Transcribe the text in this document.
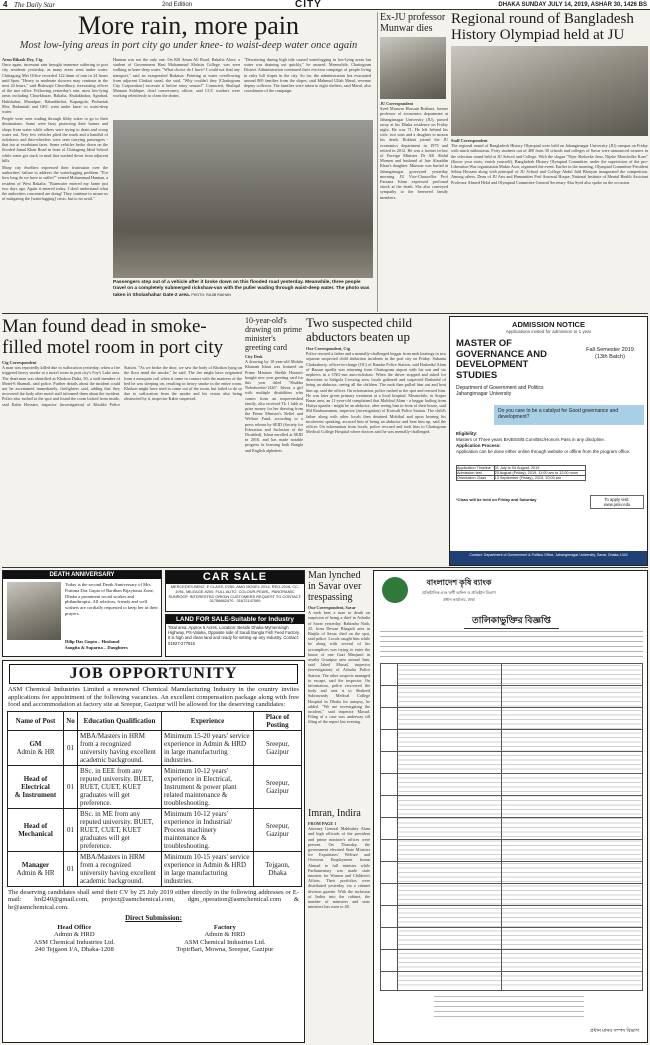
4 The Daily Star	2nd Edition	CITY	DHAKA SUNDAY JULY 14, 2019, ASHAR 30, 1426 BS
More rain, more pain
Most low-lying areas in port city go under knee- to waist-deep water once again
Arun Bikash Dey, Ctg
Once again, incessant rain brought immense suffering to port city residents yesterday, as many areas went under water. Chittagong Met Office recorded 122.4mm of rain in 24 hours until 6pm. "Heavy to moderate showers may continue in the next 24 hours," said Bishwajit Chowdhury, forecasting officer of the met office. Following yesterday's rain, most low-lying areas including Chawkbazar, Bakalia, Shulakbahar, Agrabad, Halishahar, Muradpur, Bahaddarhat, Kapasgola, Probartak Mor, Badamtali and GEC went under knee- to waist-deep water.
People were seen wading through filthy water to go to their destinations. Some were busy protecting their homes and shops from water while others were trying to drain and scoop water out. Very few vehicles plied the roads and a handful of rickshaws and thin-wheelers were seen carrying passengers - that too at exorbitant fares. Some vehicles broke down on the flooded Jamal Khan Road in front of Chittagong Ideal School while some got stuck in mud that washed down from adjacent hills.
Many city dwellers expressed their frustration over the authorities' failure to address the waterlogging problem. "For how long do we have to suffer?" vented Mohammad Hannan, a resident of West Bakalia. "Rainwater entered my home just two days ago. Again it entered today. I don't understand what the authorities concerned are doing! They continue to assure us of mitigating the [waterlogging] crisis, but to no avail."
Hannan was not the only one. On KB Aman Ali Road, Bakalia Alore, a student of Government Hazi Mohammad Mohsin College, was seen walking in knee-deep water. "What choice do I have? I could not find any transport," said an exasperated Rukania. Pointing at water overflowing from adjacent Chaktai canal, she said, "Why couldn't they [Chattogram City Corporation] excavate it before rainy season?" Contacted, Shafiqul Mannan Siddique, chief conservancy officer, said CCC workers were working relentlessly to clean the drains.
"Dewatering during high tide caused waterlogging in low-lying areas but water was draining out quickly," he assured. Meanwhile, Chattogram District Administration continued their eviction campaign of people living in risky hill slopes in the city. So far, the administration has evacuated around 800 families from the slopes, said Mahmud Ullah Marul, revenue deputy collector. The families were taken to eight shelters, said Marul, also coordinator of the campaign.
Passengers step out of a vehicle after it broke down on this flooded road yesterday. Meanwhile, three people travel on a completely submerged rickshaw-van with the puller wading through waist-deep water. The photo was taken in Sholashahar Gate-2 area. PHOTO: RAJIB RAIHAN
Ex-JU professor Munwar dies
JU Correspondent
Syed Munwar Hossain Bokhari, former professor of economics department at Jahangirnagar University (JU), passed away at his Dhaka residence on Friday night. He was 71. He left behind his wife, two sons and a daughter to mourn his death. Bokhari joined the JU economics department in 1975 and retired in 2012. He was a former in-law of Foreign Minister Dr AK Abdul Momen and husband of late Alauddin Khan's daughter. Munwar was buried at Jahangirnagar graveyard yesterday morning. JU Vice-Chancellor Prof Farzana Islam expressed profound shock at the death. She also conveyed sympathy to the bereaved family members.
Regional round of Bangladesh History Olympiad held at JU
Staff Correspondent
The regional round of Bangladesh History Olympiad were held on Jahangirnagar University (JU) campus on Friday with much enthusiasm. Forty students out of 400 from 30 schools and colleges of Savar were announced winners in the selection round held at JU School and College. With the slogan "Nijer Shekorke Jano, Nijeke Moncholke Koro" (Know your roots, enrich yourself), Bangladesh History Olympiad Committee, under the supervision of the pro-Liberation War organisation Mukto Asor, organised the event. Earlier in the morning, Olympiad Committee President Selina Hossain along with principal of JU School and College Abdul Jalil Bhuiyan inaugurated the competition. Among others, Dean of JU Arts and Humanities Prof Anwarul Hoque, National Institute of Mental Health Assistant Professor Ahmed Helal and Olympiad Committee General Secretary Abu Syed also spoke on the occasion.
Man found dead in smoke-filled motel room in port city
Ctg Correspondent
A man was reportedly killed due to suffocation yesterday, when a fire triggered heavy smoke at a motel room in port city's Foy's Lake area. The dead man was identified as Khokon Dulia, 50, a staff member of Motel-6 Shamali, said police. Further details about the incident could not be ascertained immediately, firefighters said, adding that they recovered the body after motel staff informed them about the incident. Police also rushed to the spot and found the room locked from inside, said Kabir Hossain, inspector (investigation) of Khulshi Police Station. "As we broke the door, we saw the body of Khokon lying on the floor amid the smoke," he said. The fire might have originated from a mosquito coil when it came in contact with the mattress of the bed he was sleeping on, resulting in heavy smoke in the entire room. Khokon might have tried to come out of the room, but failed to do so due to suffocation from the smoke and his vision also being obstructed by it, inspector Kabir suspected.
10-year-old's drawing on prime minister's greeting card
City Desk
A drawing by 10-year-old Mohita Khanam Ishrat was featured on Prime Minister Sheikh Hasina's bought new year greeting card for this year titled "Shubho Noboborsho-1426". Ishrat, a girl with multiple disabilities who comes from an impoverished family, also received Tk 1 lakh as prize money for her drawing from the Prime Minister's Relief and Welfare Fund, according to a press release by SEID (Society for Education and Inclusion of the Disabled). Ishrat enrolled at SEID in 2016, and has made notable progress in learning both Bangla and English alphabets.
Two suspected child abductors beaten up
Our Correspondent, Ctg
Police rescued a father and a mentally-challenged beggar from mob beatings in two separate suspected child abduction incidents in the port city on Friday. Sukanta Chakraborty, officer-in-charge (OC) of Bandar Police Station, said Rashedul Alam of Bazaar upzilla was returning from Chattogram airport with his son and six nephews in a CNG-run auto-rickshaw. When the driver stopped and asked for directions in Saltgola Crossing area, locals gathered and suspected Rashedul of being an abductor, seeing all the children. The mob then pulled him out and beat him up, said the officer. On information, police rushed to the spot and rescued him. He was later given primary treatment at a local hospital. Meanwhile, in Sraper Bazar area, an 11-year-old complained that Mohibul Alam - a beggar hailing from Hatiya upazila - might be an abductor, after seeing him in front of their house, said Md Rouhuzzaman, inspector (investigation) of Kotwali Police Station. The child's father along with other locals then detained Mohibul and upon hearing his incoherent speaking, accused him of being an abductor and beat him up, said the officer. On information from locals, police rescued and took him to Chattogram Medical College Hospital where doctors said he was mentally-challenged.
ADMISSION NOTICE
Applications invited for admission to 1 year
MASTER OF
GOVERNANCE AND
DEVELOPMENT
STUDIES
Fall Semester 2019
(13th Batch)
Department of Government and Politics
Jahangirnagar University
Do you care to be a catalyst for Good governance and development?
Eligibility:
Masters or Three years BA/BSS/B.Com/Bsc/Honors Pass in any discipline.
Application Process:
Application can be done either online through website or offline from the program office.
Application Timeline	01 July to 04 August, 2019
Admission test	23 August (Friday), 2019, 11:00 am to 12:00 noon
Orientation Class	13 September (Friday), 2019, 10:00 am
*Class will be held on Friday and Saturday	To apply visit:
www.juniv.edu
Contact: Department of Government & Politics Office, Jahangirnagar University, Savar, Dhaka-1342
DEATH ANNIVERSARY
Today is the second Death Anniversary of Mrs. Pratima Das Gupta of Bardhan Bijaybasta Zone, Dhaka a prominent social worker and philanthropist. All relatives, friends and well wishers are cordially requested to keep her in their prayers.
Dilip Das Gupta – Husband
Sangita & Suparna – Daughters
CAR SALE
MERCEDES-BENZ, E CLASS, E250, AMG MODEL 2014, REG-2016, CC-1991, MILEAGE-9200, FULL AUTO, COLOUR-PEARL, PANORAMIC SUNROOF. INTERESTED ORIGIN CUSTOMERS REQUEST TO CONTACT: 01756682470 , 01672147069
LAND FOR SALE-Suitable for Industry
Total area: Approx 5 Acres, Location: Beside Dhaka-Mymensingh Highway, PS-Valuka, Opposite side of Saudi Bangla Fish Feed Factory. It is high and clean land and ready for setting-up any Industry. Contact: 01927-277815
Man lynched in Savar over trespassing
Our Correspondent, Savar
A mob beat a man to death on suspicion of being a thief in Ashulia of Savar yesterday. Babindra Nath, 25, from Dewan Bhagadi area in Binjila of Savar, died on the spot, said police. Locals caught him while he along with several of his accomplices was trying to enter the house of one Gazi Manjurul in nearby Gouripur area around 3am, said Jahed Masud, inspector (investigation) of Ashulia Police Station. The other suspects managed to escape, said the inspector. On information, police recovered the body and sent it to Shaheed Suhrawardy Medical College Hospital in Dhaka for autopsy, he added. "We are investigating the incident," said inspector Masud. Filing of a case was underway till filing of the report last evening.
Imran, Indira
FROM PAGE 1
Attorney General Mahbubey Alam and high officials of the president and prime minister's offices were present. On Thursday, the government elevated State Minister for Expatriates' Welfare and Overseas Employment Imran Ahmad to full minister while Parliamentary was made state minister for Women and Children's Affairs. Their portfolios were distributed yesterday via a cabinet division gazette. With the inclusion of Indira into the cabinet, the number of ministers and state ministers has risen to 48.
JOB OPPORTUNITY
ASM Chemical Industries Limited a renowned Chemical Manufacturing Industry in the country invites applications for appointment of the following vacancies. An excellent compensation package along with free food and accommodation at factory site at Sreepur, Gazipur will be allowed for the deserving candidates:
Name of Post	No	Education Qualification	Experience	Place of Posting

GM
Admin & HR	01	MBA/Masters in HRM from a recognized university having excellent academic background.	Minimum 15-20 years' service experience in Admin & HRD in large manufacturing industries.	Sreepur, Gazipur

Head of Electrical
& Instrument	01	BSc. in EEE from any reputed university. BUET, RUET, CUET, KUET graduates will get preference.	Minimum 10-12 years' experience in Electrical, Instrument & power plant related maintenance & troubleshooting.	Sreepur, Gazipur

Head of
Mechanical	01	BSc. in ME from any reputed university. BUET, RUET, CUET, KUET graduates will get preference.	Minimum 10-12 years' experience in Industrial/ Process machinery maintenance & troubleshooting.	Sreepur, Gazipur

Manager
Admin & HR	01	MBA/Masters in HRM from a recognized university having excellent academic background.	Minimum 10-15 years' service experience in Admin & HRD in large manufacturing industries.	Tejgaon, Dhaka
The deserving candidates shall send their CV by 25 July 2019 either directly in the following addresses or E-mail: hrd240@gmail.com, project@asmchemical.com, dgm_operation@asmchemical.com & hr@asmchemical.com.
Direct Submission:
Head Office
Admin & HRD
ASM Chemical Industries Ltd.
240 Tejgaon I/A, Dhaka-1208
Factory
Admin & HRD
ASM Chemical Industries Ltd.
TopirBari, Mowna, Sreepur, Gazipur
বাংলাদেশ কৃষি ব্যাংক
প্রতিষ্ঠানিক এবং ঋণী অফিস ও প্রতিষ্ঠান বিভাগ
প্রধান কার্যালয়, ঢাকা
তালিকাভুক্তির বিজ্ঞপ্তি
প্রধান মানব সম্পদ বিভাগ
